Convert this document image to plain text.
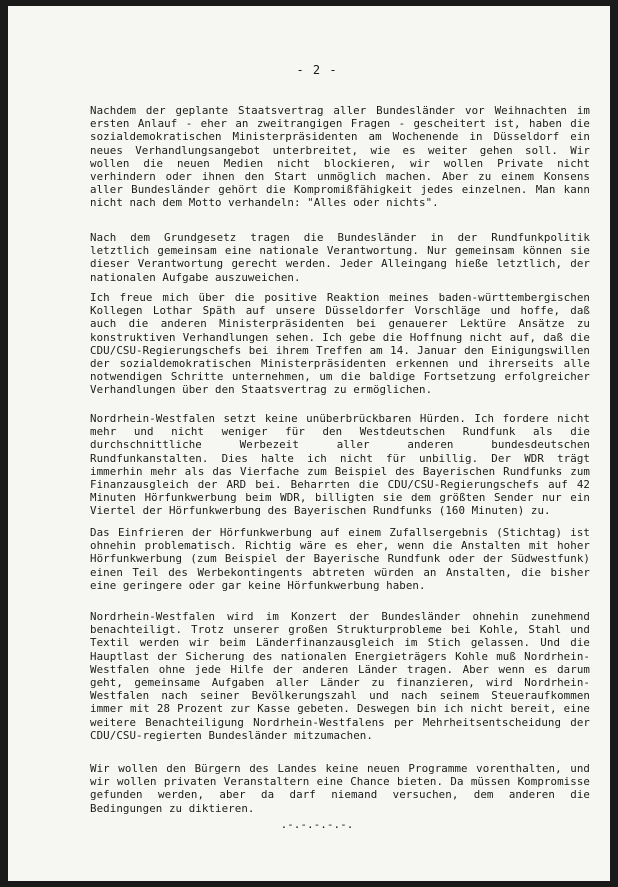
- 2 -

Nachdem der geplante Staatsvertrag aller Bundesländer vor Weihnachten im ersten Anlauf - eher an zweitrangigen Fragen - gescheitert ist, haben die sozialdemokratischen Ministerpräsidenten am Wochenende in Düsseldorf ein neues Verhandlungsangebot unterbreitet, wie es weiter gehen soll. Wir wollen die neuen Medien nicht blockieren, wir wollen Private nicht verhindern oder ihnen den Start unmöglich machen. Aber zu einem Konsens aller Bundesländer gehört die Kompromißfähigkeit jedes einzelnen. Man kann nicht nach dem Motto verhandeln: "Alles oder nichts".

Nach dem Grundgesetz tragen die Bundesländer in der Rundfunkpolitik letztlich gemeinsam eine nationale Verantwortung. Nur gemeinsam können sie dieser Verantwortung gerecht werden. Jeder Alleingang hieße letztlich, der nationalen Aufgabe auszuweichen.

Ich freue mich über die positive Reaktion meines baden-württembergischen Kollegen Lothar Späth auf unsere Düsseldorfer Vorschläge und hoffe, daß auch die anderen Ministerpräsidenten bei genauerer Lektüre Ansätze zu konstruktiven Verhandlungen sehen. Ich gebe die Hoffnung nicht auf, daß die CDU/CSU-Regierungschefs bei ihrem Treffen am 14. Januar den Einigungswillen der sozialdemokratischen Ministerpräsidenten erkennen und ihrerseits alle notwendigen Schritte unternehmen, um die baldige Fortsetzung erfolgreicher Verhandlungen über den Staatsvertrag zu ermöglichen.

Nordrhein-Westfalen setzt keine unüberbrückbaren Hürden. Ich fordere nicht mehr und nicht weniger für den Westdeutschen Rundfunk als die durchschnittliche Werbezeit aller anderen bundesdeutschen Rundfunkanstalten. Dies halte ich nicht für unbillig. Der WDR trägt immerhin mehr als das Vierfache zum Beispiel des Bayerischen Rundfunks zum Finanzausgleich der ARD bei. Beharrten die CDU/CSU-Regierungschefs auf 42 Minuten Hörfunkwerbung beim WDR, billigten sie dem größten Sender nur ein Viertel der Hörfunkwerbung des Bayerischen Rundfunks (160 Minuten) zu.

Das Einfrieren der Hörfunkwerbung auf einem Zufallsergebnis (Stichtag) ist ohnehin problematisch. Richtig wäre es eher, wenn die Anstalten mit hoher Hörfunkwerbung (zum Beispiel der Bayerische Rundfunk oder der Südwestfunk) einen Teil des Werbekontingents abtreten würden an Anstalten, die bisher eine geringere oder gar keine Hörfunkwerbung haben.

Nordrhein-Westfalen wird im Konzert der Bundesländer ohnehin zunehmend benachteiligt. Trotz unserer großen Strukturprobleme bei Kohle, Stahl und Textil werden wir beim Länderfinanzausgleich im Stich gelassen. Und die Hauptlast der Sicherung des nationalen Energieträgers Kohle muß Nordrhein-Westfalen ohne jede Hilfe der anderen Länder tragen. Aber wenn es darum geht, gemeinsame Aufgaben aller Länder zu finanzieren, wird Nordrhein-Westfalen nach seiner Bevölkerungszahl und nach seinem Steueraufkommen immer mit 28 Prozent zur Kasse gebeten. Deswegen bin ich nicht bereit, eine weitere Benachteiligung Nordrhein-Westfalens per Mehrheitsentscheidung der CDU/CSU-regierten Bundesländer mitzumachen.

Wir wollen den Bürgern des Landes keine neuen Programme vorenthalten, und wir wollen privaten Veranstaltern eine Chance bieten. Da müssen Kompromisse gefunden werden, aber da darf niemand versuchen, dem anderen die Bedingungen zu diktieren.

.-.-.-.-.-.
